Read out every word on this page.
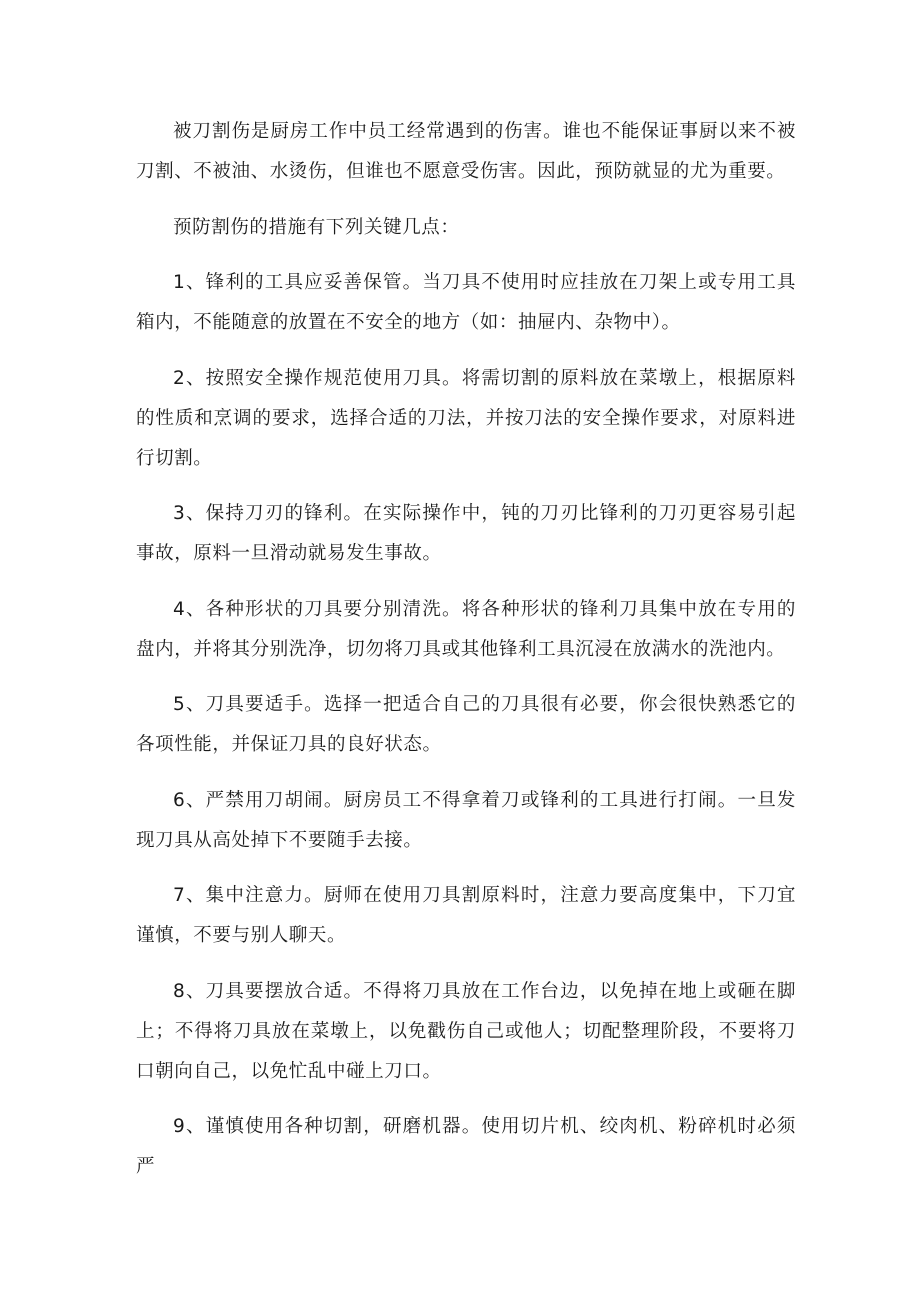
被刀割伤是厨房工作中员工经常遇到的伤害。谁也不能保证事厨以来不被刀割、不被油、水烫伤，但谁也不愿意受伤害。因此，预防就显的尤为重要。

预防割伤的措施有下列关键几点：

1、锋利的工具应妥善保管。当刀具不使用时应挂放在刀架上或专用工具箱内，不能随意的放置在不安全的地方（如：抽屉内、杂物中）。

2、按照安全操作规范使用刀具。将需切割的原料放在菜墩上，根据原料的性质和烹调的要求，选择合适的刀法，并按刀法的安全操作要求，对原料进行切割。

3、保持刀刃的锋利。在实际操作中，钝的刀刃比锋利的刀刃更容易引起事故，原料一旦滑动就易发生事故。

4、各种形状的刀具要分别清洗。将各种形状的锋利刀具集中放在专用的盘内，并将其分别洗净，切勿将刀具或其他锋利工具沉浸在放满水的洗池内。

5、刀具要适手。选择一把适合自己的刀具很有必要，你会很快熟悉它的各项性能，并保证刀具的良好状态。

6、严禁用刀胡闹。厨房员工不得拿着刀或锋利的工具进行打闹。一旦发现刀具从高处掉下不要随手去接。

7、集中注意力。厨师在使用刀具割原料时，注意力要高度集中，下刀宜谨慎，不要与别人聊天。

8、刀具要摆放合适。不得将刀具放在工作台边，以免掉在地上或砸在脚上；不得将刀具放在菜墩上，以免戳伤自己或他人；切配整理阶段，不要将刀口朝向自己，以免忙乱中碰上刀口。

9、谨慎使用各种切割，研磨机器。使用切片机、绞肉机、粉碎机时必须严
